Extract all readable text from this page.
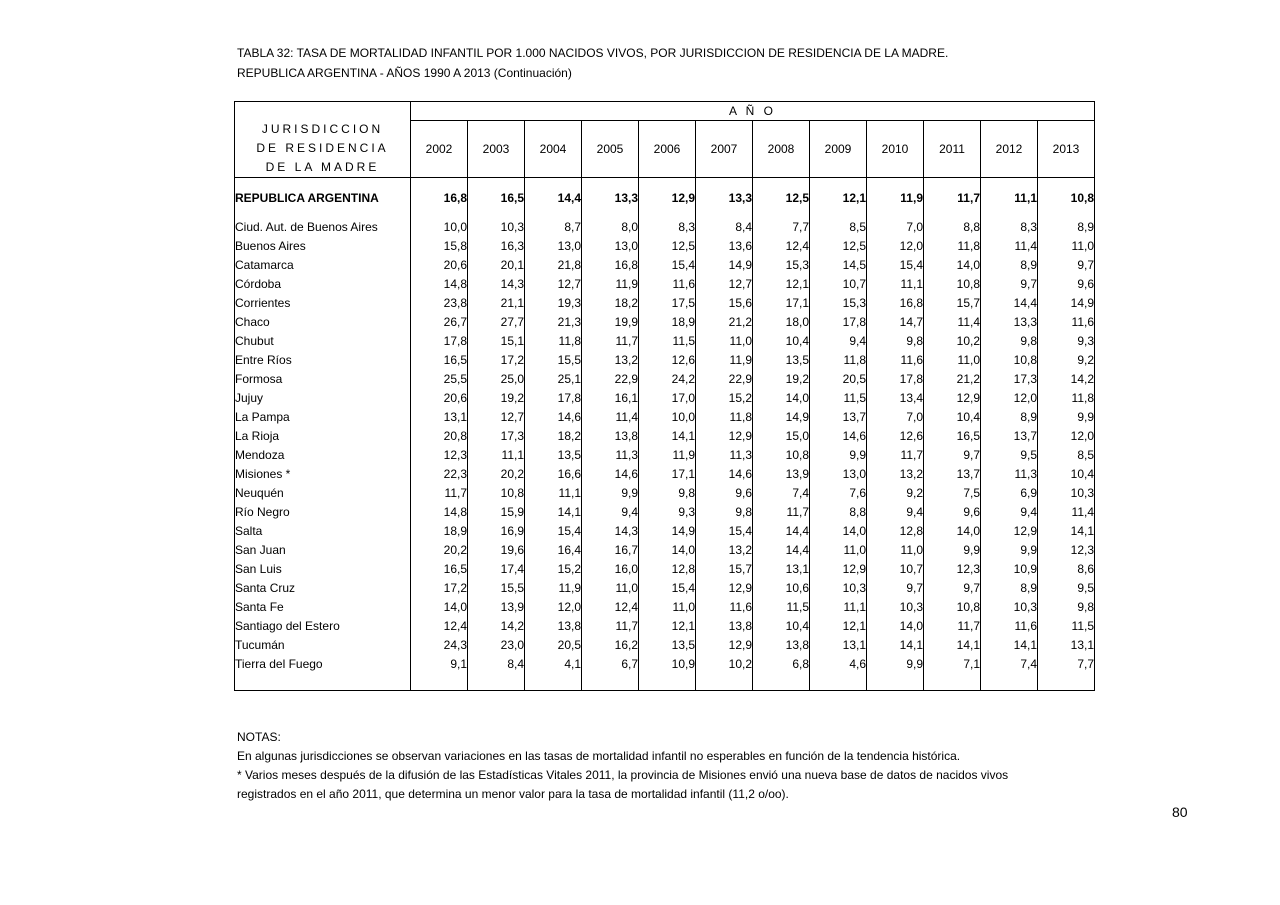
TABLA 32: TASA DE MORTALIDAD INFANTIL POR 1.000 NACIDOS VIVOS, POR JURISDICCION DE RESIDENCIA DE LA MADRE.
REPUBLICA ARGENTINA - AÑOS 1990 A 2013 (Continuación)
JURISDICCION
DE RESIDENCIA
DE LA MADRE	A Ñ O											
	2002	2003	2004	2005	2006	2007	2008	2009	2010	2011	2012	2013

REPUBLICA ARGENTINA	16,8	16,5	14,4	13,3	12,9	13,3	12,5	12,1	11,9	11,7	11,1	10,8

Ciud. Aut. de Buenos Aires	10,0	10,3	8,7	8,0	8,3	8,4	7,7	8,5	7,0	8,8	8,3	8,9
Buenos Aires	15,8	16,3	13,0	13,0	12,5	13,6	12,4	12,5	12,0	11,8	11,4	11,0
Catamarca	20,6	20,1	21,8	16,8	15,4	14,9	15,3	14,5	15,4	14,0	8,9	9,7
Córdoba	14,8	14,3	12,7	11,9	11,6	12,7	12,1	10,7	11,1	10,8	9,7	9,6
Corrientes	23,8	21,1	19,3	18,2	17,5	15,6	17,1	15,3	16,8	15,7	14,4	14,9
Chaco	26,7	27,7	21,3	19,9	18,9	21,2	18,0	17,8	14,7	11,4	13,3	11,6
Chubut	17,8	15,1	11,8	11,7	11,5	11,0	10,4	9,4	9,8	10,2	9,8	9,3
Entre Ríos	16,5	17,2	15,5	13,2	12,6	11,9	13,5	11,8	11,6	11,0	10,8	9,2
Formosa	25,5	25,0	25,1	22,9	24,2	22,9	19,2	20,5	17,8	21,2	17,3	14,2
Jujuy	20,6	19,2	17,8	16,1	17,0	15,2	14,0	11,5	13,4	12,9	12,0	11,8
La Pampa	13,1	12,7	14,6	11,4	10,0	11,8	14,9	13,7	7,0	10,4	8,9	9,9
La Rioja	20,8	17,3	18,2	13,8	14,1	12,9	15,0	14,6	12,6	16,5	13,7	12,0
Mendoza	12,3	11,1	13,5	11,3	11,9	11,3	10,8	9,9	11,7	9,7	9,5	8,5
Misiones *	22,3	20,2	16,6	14,6	17,1	14,6	13,9	13,0	13,2	13,7	11,3	10,4
Neuquén	11,7	10,8	11,1	9,9	9,8	9,6	7,4	7,6	9,2	7,5	6,9	10,3
Río Negro	14,8	15,9	14,1	9,4	9,3	9,8	11,7	8,8	9,4	9,6	9,4	11,4
Salta	18,9	16,9	15,4	14,3	14,9	15,4	14,4	14,0	12,8	14,0	12,9	14,1
San Juan	20,2	19,6	16,4	16,7	14,0	13,2	14,4	11,0	11,0	9,9	9,9	12,3
San Luis	16,5	17,4	15,2	16,0	12,8	15,7	13,1	12,9	10,7	12,3	10,9	8,6
Santa Cruz	17,2	15,5	11,9	11,0	15,4	12,9	10,6	10,3	9,7	9,7	8,9	9,5
Santa Fe	14,0	13,9	12,0	12,4	11,0	11,6	11,5	11,1	10,3	10,8	10,3	9,8
Santiago del Estero	12,4	14,2	13,8	11,7	12,1	13,8	10,4	12,1	14,0	11,7	11,6	11,5
Tucumán	24,3	23,0	20,5	16,2	13,5	12,9	13,8	13,1	14,1	14,1	14,1	13,1
Tierra del Fuego	9,1	8,4	4,1	6,7	10,9	10,2	6,8	4,6	9,9	7,1	7,4	7,7

NOTAS:
En algunas jurisdicciones se observan variaciones en las tasas de mortalidad infantil no esperables en función de la tendencia histórica.
* Varios meses después de la difusión de las Estadísticas Vitales 2011, la provincia de Misiones envió una nueva base de datos de nacidos vivos
registrados en el año 2011, que determina un menor valor para la tasa de mortalidad infantil (11,2 o/oo).
80
